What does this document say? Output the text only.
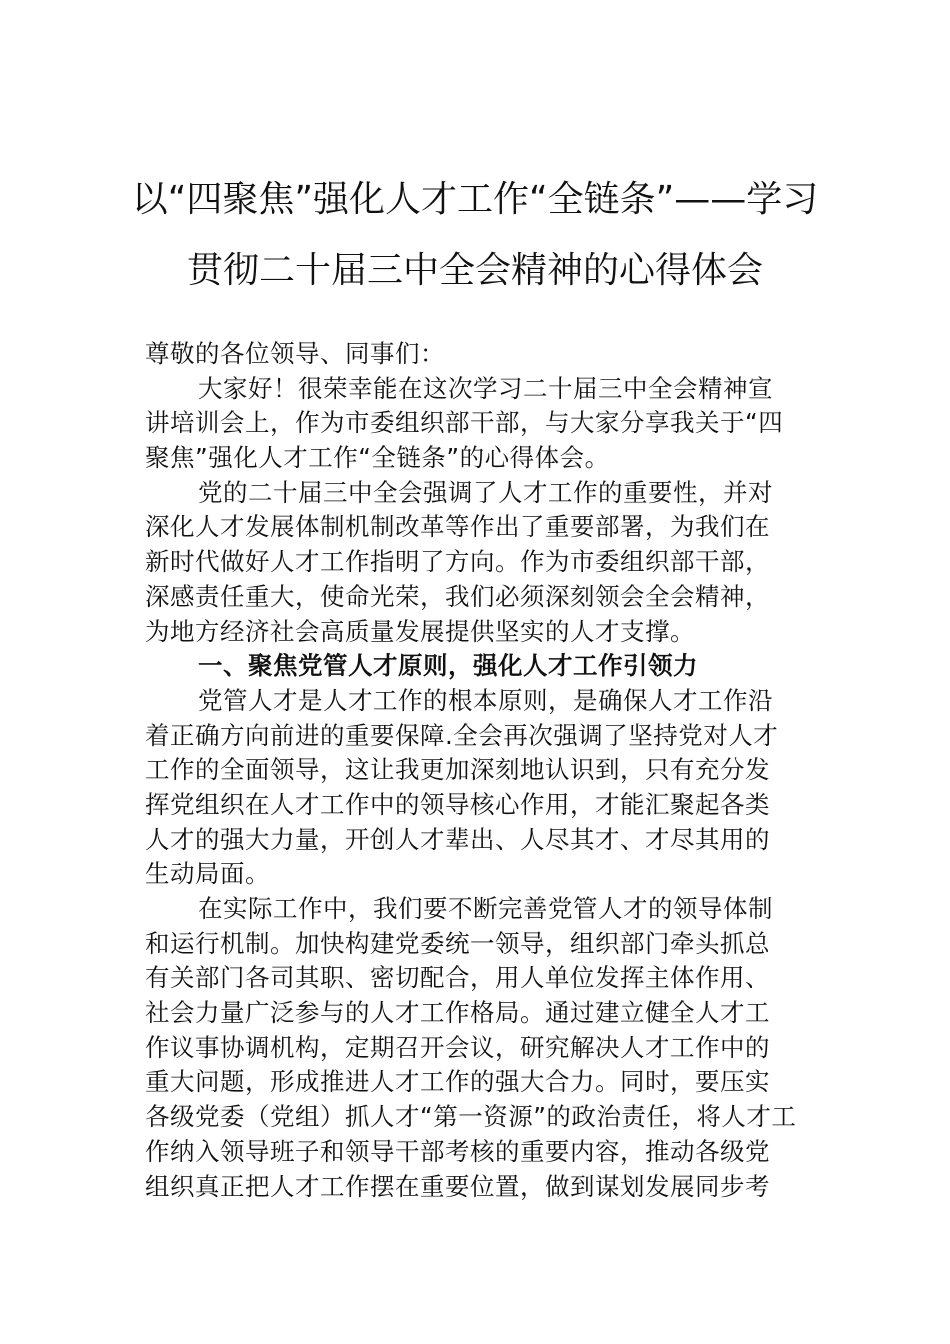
以“四聚焦”强化人才工作“全链条”——学习
贯彻二十届三中全会精神的心得体会
尊敬的各位领导、同事们：
大家好！很荣幸能在这次学习二十届三中全会精神宣
讲培训会上，作为市委组织部干部，与大家分享我关于“四
聚焦”强化人才工作“全链条”的心得体会。
党的二十届三中全会强调了人才工作的重要性，并对
深化人才发展体制机制改革等作出了重要部署，为我们在
新时代做好人才工作指明了方向。作为市委组织部干部，
深感责任重大，使命光荣，我们必须深刻领会全会精神，
为地方经济社会高质量发展提供坚实的人才支撑。
一、聚焦党管人才原则，强化人才工作引领力
党管人才是人才工作的根本原则，是确保人才工作沿
着正确方向前进的重要保障.全会再次强调了坚持党对人才
工作的全面领导，这让我更加深刻地认识到，只有充分发
挥党组织在人才工作中的领导核心作用，才能汇聚起各类
人才的强大力量，开创人才辈出、人尽其才、才尽其用的
生动局面。
在实际工作中，我们要不断完善党管人才的领导体制
和运行机制。加快构建党委统一领导，组织部门牵头抓总
有关部门各司其职、密切配合，用人单位发挥主体作用、
社会力量广泛参与的人才工作格局。通过建立健全人才工
作议事协调机构，定期召开会议，研究解决人才工作中的
重大问题，形成推进人才工作的强大合力。同时，要压实
各级党委（党组）抓人才“第一资源”的政治责任，将人才工
作纳入领导班子和领导干部考核的重要内容，推动各级党
组织真正把人才工作摆在重要位置，做到谋划发展同步考
